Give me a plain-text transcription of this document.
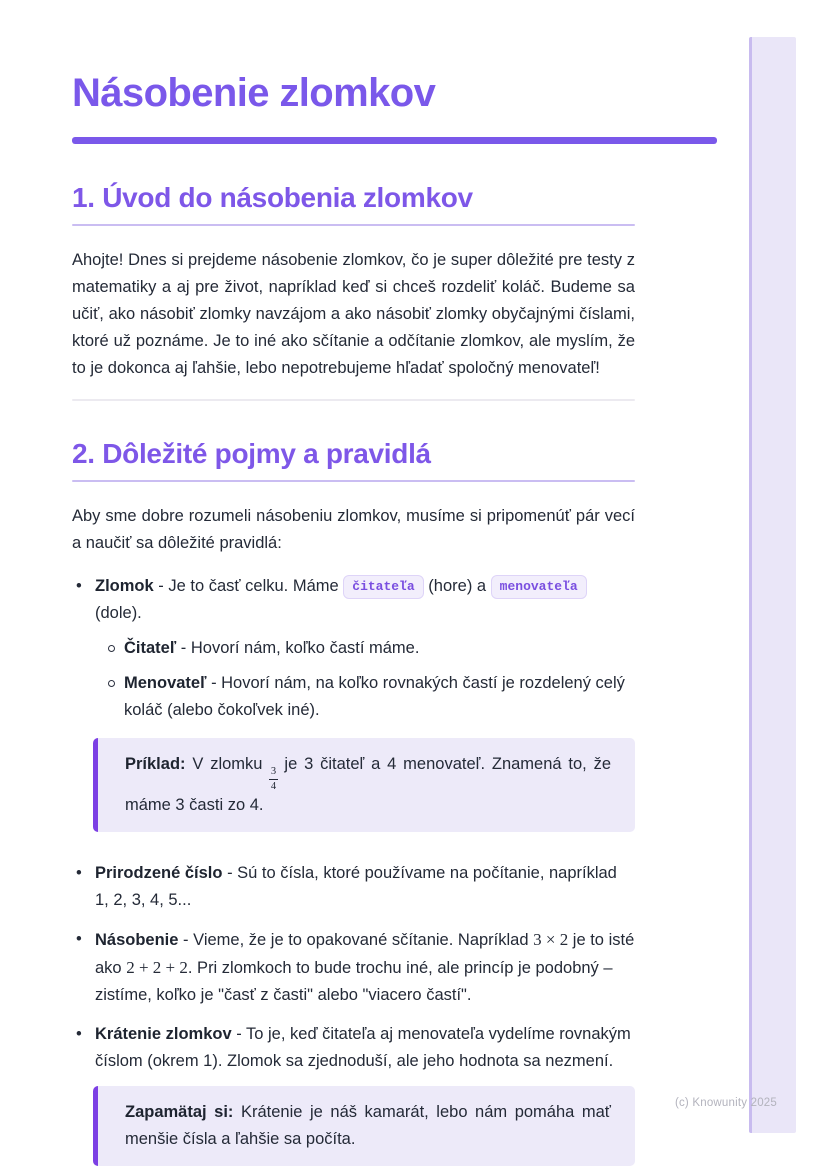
Násobenie zlomkov
1. Úvod do násobenia zlomkov

Ahojte! Dnes si prejdeme násobenie zlomkov, čo je super dôležité pre testy z matematiky a aj pre život, napríklad keď si chceš rozdeliť koláč. Budeme sa učiť, ako násobiť zlomky navzájom a ako násobiť zlomky obyčajnými číslami, ktoré už poznáme. Je to iné ako sčítanie a odčítanie zlomkov, ale myslím, že to je dokonca aj ľahšie, lebo nepotrebujeme hľadať spoločný menovateľ!

2. Dôležité pojmy a pravidlá

Aby sme dobre rozumeli násobeniu zlomkov, musíme si pripomenúť pár vecí a naučiť sa dôležité pravidlá:

• Zlomok - Je to časť celku. Máme čitateľa (hore) a menovateľa (dole).
Čitateľ - Hovorí nám, koľko častí máme.
Menovateľ - Hovorí nám, na koľko rovnakých častí je rozdelený celý koláč (alebo čokoľvek iné).
Príklad: V zlomku
$\frac{3}{4}$
je 3 čitateľ a 4 menovateľ. Znamená to, že máme 3 časti zo 4.
• Prirodzené číslo - Sú to čísla, ktoré používame na počítanie, napríklad 1, 2, 3, 4, 5...
• Násobenie - Vieme, že je to opakované sčítanie. Napríklad 3 × 2 je to isté ako 2 + 2 + 2. Pri zlomkoch to bude trochu iné, ale princíp je podobný – zistíme, koľko je "časť z časti" alebo "viacero častí".
• Krátenie zlomkov - To je, keď čitateľa aj menovateľa vydelíme rovnakým číslom (okrem 1). Zlomok sa zjednoduší, ale jeho hodnota sa nezmení.
Zapamätaj si: Krátenie je náš kamarát, lebo nám pomáha mať menšie čísla a ľahšie sa počíta.
(c) Knowunity 2025
